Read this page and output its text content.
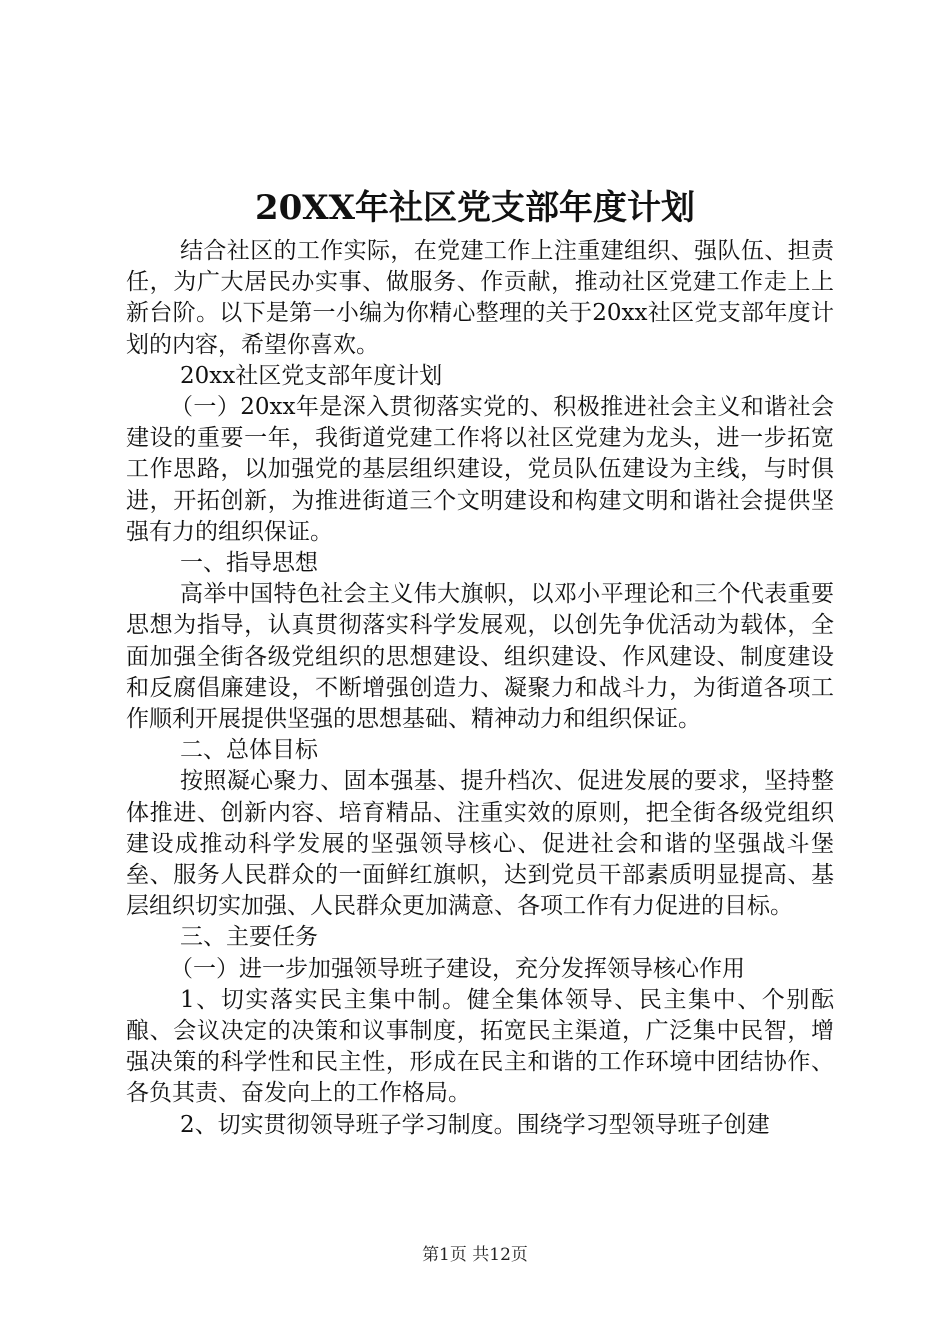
20XX年社区党支部年度计划

结合社区的工作实际，在党建工作上注重建组织、强队伍、担责任，为广大居民办实事、做服务、作贡献，推动社区党建工作走上上新台阶。以下是第一小编为你精心整理的关于20xx社区党支部年度计划的内容，希望你喜欢。

20xx社区党支部年度计划

（一）20xx年是深入贯彻落实党的、积极推进社会主义和谐社会建设的重要一年，我街道党建工作将以社区党建为龙头，进一步拓宽工作思路，以加强党的基层组织建设，党员队伍建设为主线，与时俱进，开拓创新，为推进街道三个文明建设和构建文明和谐社会提供坚强有力的组织保证。

一、指导思想

高举中国特色社会主义伟大旗帜，以邓小平理论和三个代表重要思想为指导，认真贯彻落实科学发展观，以创先争优活动为载体，全面加强全街各级党组织的思想建设、组织建设、作风建设、制度建设和反腐倡廉建设，不断增强创造力、凝聚力和战斗力，为街道各项工作顺利开展提供坚强的思想基础、精神动力和组织保证。

二、总体目标

按照凝心聚力、固本强基、提升档次、促进发展的要求，坚持整体推进、创新内容、培育精品、注重实效的原则，把全街各级党组织建设成推动科学发展的坚强领导核心、促进社会和谐的坚强战斗堡垒、服务人民群众的一面鲜红旗帜，达到党员干部素质明显提高、基层组织切实加强、人民群众更加满意、各项工作有力促进的目标。

三、主要任务

（一）进一步加强领导班子建设，充分发挥领导核心作用

1、切实落实民主集中制。健全集体领导、民主集中、个别酝酿、会议决定的决策和议事制度，拓宽民主渠道，广泛集中民智，增强决策的科学性和民主性，形成在民主和谐的工作环境中团结协作、各负其责、奋发向上的工作格局。

2、切实贯彻领导班子学习制度。围绕学习型领导班子创建

第1页 共12页
